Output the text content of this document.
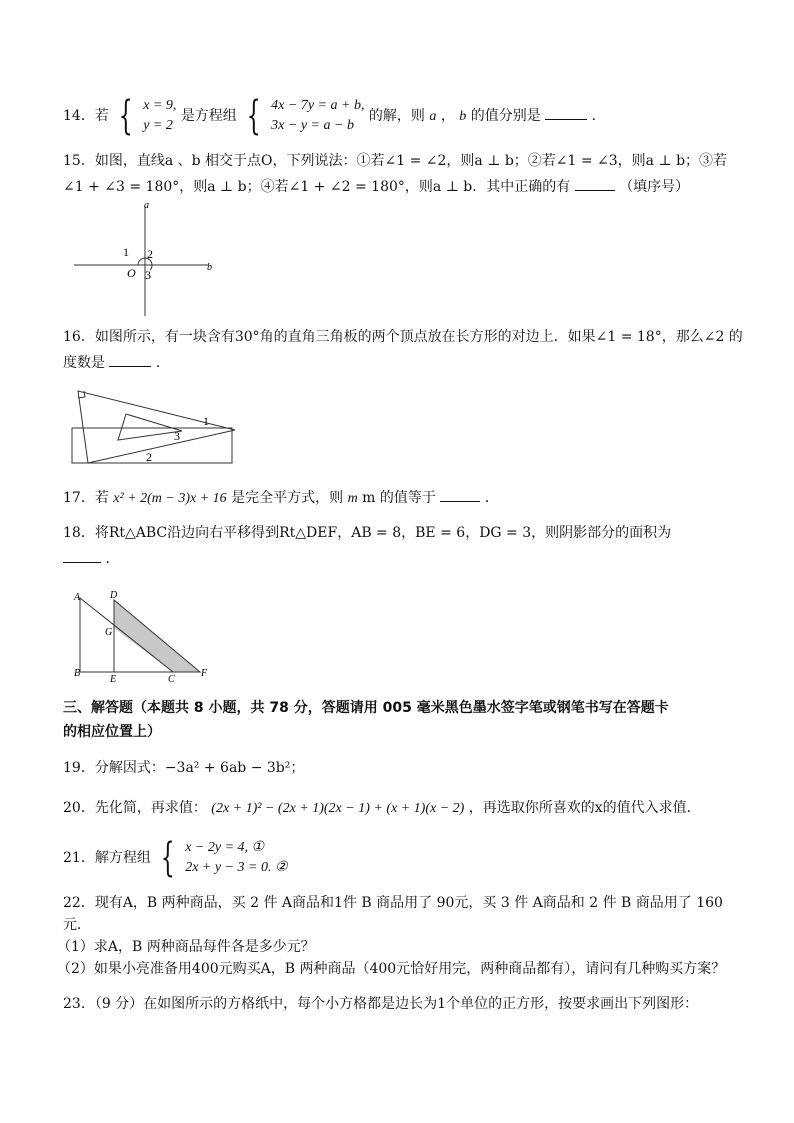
14．若 { x = 9,
y = 2
是方程组 { 4x − 7y = a + b,
3x − y = a − b
的解，则 a ， b 的值分别是	．
15．如图，直线a 、b 相交于点O，下列说法：①若∠1 = ∠2，则a ⊥ b；②若∠1 = ∠3，则a ⊥ b；③若
∠1 + ∠3 = 180°，则a ⊥ b；④若∠1 + ∠2 = 180°，则a ⊥ b．其中正确的有	（填序号）
a
b
O
1 2
3
16．如图所示，有一块含有30°角的直角三角板的两个顶点放在长方形的对边上．如果∠1 = 18°，那么∠2 的
度数是	．
1
3
2
17．若 x² + 2(m − 3)x + 16 是完全平方式，则 m m 的值等于	．
18．将Rt△ABC沿边向右平移得到Rt△DEF，AB = 8，BE = 6，DG = 3，则阴影部分的面积为
．
A
B
D
G
E	C
F
三、解答题（本题共 8 小题，共 78 分，答题请用 005 毫米黑色墨水签字笔或钢笔书写在答题卡
的相应位置上）
19．分解因式：−3a² + 6ab − 3b²；
20．先化简，再求值： (2x + 1)² − (2x + 1)(2x − 1) + (x + 1)(x − 2) ，再选取你所喜欢的x的值代入求值．
21．解方程组 { x − 2y = 4, ①
2x + y − 3 = 0. ②
22．现有A，B 两种商品，买 2 件 A商品和1件 B 商品用了 90元，买 3 件 A商品和 2 件 B 商品用了 160
元．
（1）求A，B 两种商品每件各是多少元？
（2）如果小亮准备用400元购买A，B 两种商品（400元恰好用完，两种商品都有），请问有几种购买方案？
23．（9 分）在如图所示的方格纸中，每个小方格都是边长为1个单位的正方形，按要求画出下列图形：
